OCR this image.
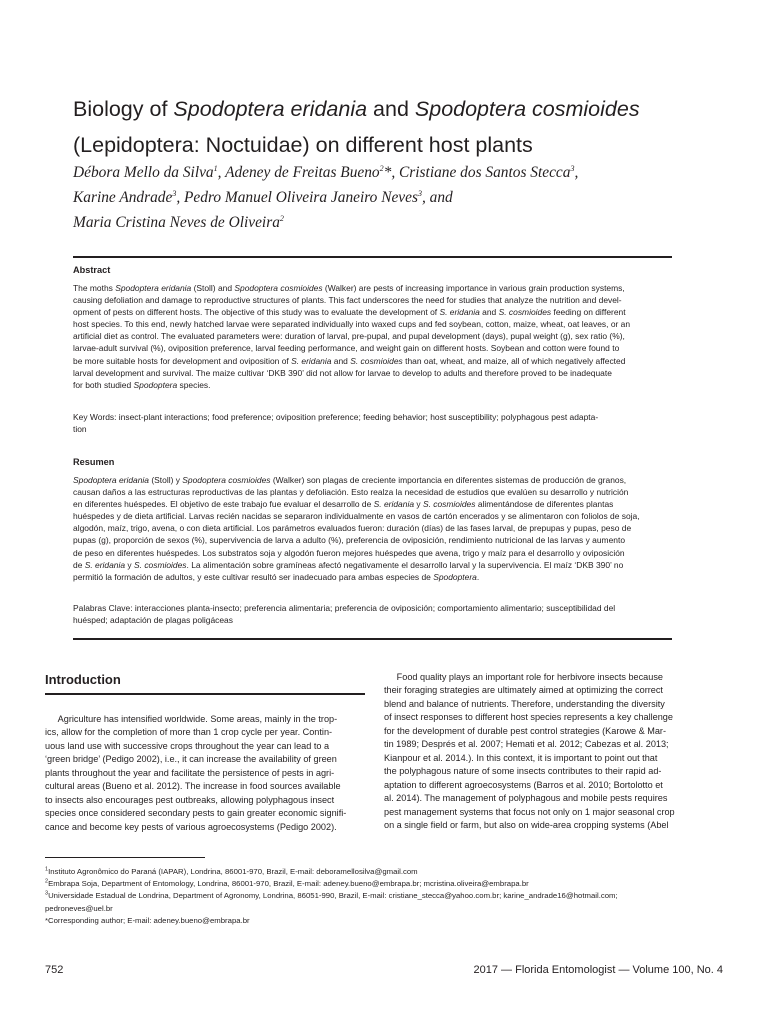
Biology of Spodoptera eridania and Spodoptera cosmioides
(Lepidoptera: Noctuidae) on different host plants
Débora Mello da Silva$^1$, Adeney de Freitas Bueno$^2$*, Cristiane dos Santos Stecca$^3$,
Karine Andrade$^3$, Pedro Manuel Oliveira Janeiro Neves$^3$, and
Maria Cristina Neves de Oliveira$^2$
Abstract
The moths Spodoptera eridania (Stoll) and Spodoptera cosmioides (Walker) are pests of increasing importance in various grain production systems,
causing defoliation and damage to reproductive structures of plants. This fact underscores the need for studies that analyze the nutrition and devel-
opment of pests on different hosts. The objective of this study was to evaluate the development of S. eridania and S. cosmioides feeding on different
host species. To this end, newly hatched larvae were separated individually into waxed cups and fed soybean, cotton, maize, wheat, oat leaves, or an
artificial diet as control. The evaluated parameters were: duration of larval, pre-pupal, and pupal development (days), pupal weight (g), sex ratio (%),
larvae-adult survival (%), oviposition preference, larval feeding performance, and weight gain on different hosts. Soybean and cotton were found to
be more suitable hosts for development and oviposition of S. eridania and S. cosmioides than oat, wheat, and maize, all of which negatively affected
larval development and survival. The maize cultivar ‘DKB 390’ did not allow for larvae to develop to adults and therefore proved to be inadequate
for both studied Spodoptera species.
Key Words: insect-plant interactions; food preference; oviposition preference; feeding behavior; host susceptibility; polyphagous pest adapta-
tion
Resumen
Spodoptera eridania (Stoll) y Spodoptera cosmioides (Walker) son plagas de creciente importancia en diferentes sistemas de producción de granos,
causan daños a las estructuras reproductivas de las plantas y defoliación. Esto realza la necesidad de estudios que evalúen su desarrollo y nutrición
en diferentes huéspedes. El objetivo de este trabajo fue evaluar el desarrollo de S. eridania y S. cosmioides alimentándose de diferentes plantas
huéspedes y de dieta artificial. Larvas recién nacidas se separaron individualmente en vasos de cartón encerados y se alimentaron con foliolos de soja,
algodón, maíz, trigo, avena, o con dieta artificial. Los parámetros evaluados fueron: duración (días) de las fases larval, de prepupas y pupas, peso de
pupas (g), proporción de sexos (%), supervivencia de larva a adulto (%), preferencia de oviposición, rendimiento nutricional de las larvas y aumento
de peso en diferentes huéspedes. Los substratos soja y algodón fueron mejores huéspedes que avena, trigo y maíz para el desarrollo y oviposición
de S. eridania y S. cosmioides. La alimentación sobre gramíneas afectó negativamente el desarrollo larval y la supervivencia. El maíz ‘DKB 390’ no
permitió la formación de adultos, y este cultivar resultó ser inadecuado para ambas especies de Spodoptera.
Palabras Clave: interacciones planta-insecto; preferencia alimentaria; preferencia de oviposición; comportamiento alimentario; susceptibilidad del
huésped; adaptación de plagas poligáceas
Introduction
Agriculture has intensified worldwide. Some areas, mainly in the trop-
ics, allow for the completion of more than 1 crop cycle per year. Contin-
uous land use with successive crops throughout the year can lead to a
‘green bridge’ (Pedigo 2002), i.e., it can increase the availability of green
plants throughout the year and facilitate the persistence of pests in agri-
cultural areas (Bueno et al. 2012). The increase in food sources available
to insects also encourages pest outbreaks, allowing polyphagous insect
species once considered secondary pests to gain greater economic signifi-
cance and become key pests of various agroecosystems (Pedigo 2002).
Food quality plays an important role for herbivore insects because
their foraging strategies are ultimately aimed at optimizing the correct
blend and balance of nutrients. Therefore, understanding the diversity
of insect responses to different host species represents a key challenge
for the development of durable pest control strategies (Karowe & Mar-
tin 1989; Després et al. 2007; Hemati et al. 2012; Cabezas et al. 2013;
Kianpour et al. 2014.). In this context, it is important to point out that
the polyphagous nature of some insects contributes to their rapid ad-
aptation to different agroecosystems (Barros et al. 2010; Bortolotto et
al. 2014). The management of polyphagous and mobile pests requires
pest management systems that focus not only on 1 major seasonal crop
on a single field or farm, but also on wide-area cropping systems (Abel
$^1$Instituto Agronômico do Paraná (IAPAR), Londrina, 86001-970, Brazil, E-mail: deboramellosilva@gmail.com
$^2$Embrapa Soja, Department of Entomology, Londrina, 86001-970, Brazil, E-mail: adeney.bueno@embrapa.br; mcristina.oliveira@embrapa.br
$^3$Universidade Estadual de Londrina, Department of Agronomy, Londrina, 86051-990, Brazil, E-mail: cristiane_stecca@yahoo.com.br; karine_andrade16@hotmail.com;
pedroneves@uel.br
*Corresponding author; E-mail: adeney.bueno@embrapa.br
752	2017 — Florida Entomologist — Volume 100, No. 4
